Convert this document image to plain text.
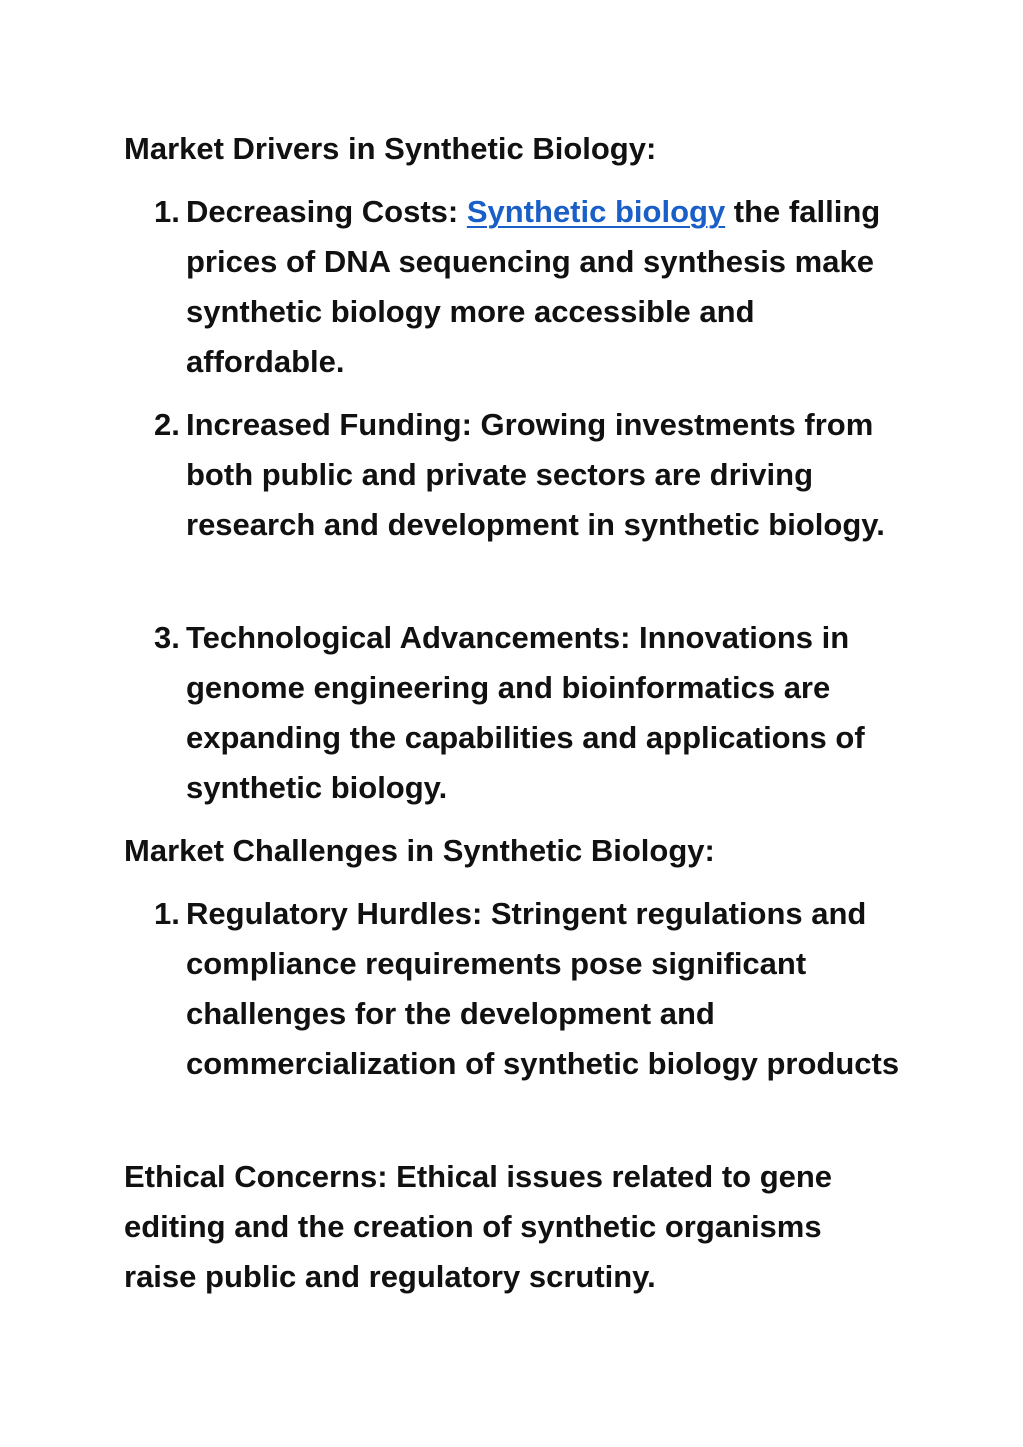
Market Drivers in Synthetic Biology:
1. Decreasing Costs: Synthetic biology the falling prices of DNA sequencing and synthesis make synthetic biology more accessible and affordable.
2. Increased Funding: Growing investments from both public and private sectors are driving research and development in synthetic biology.
3. Technological Advancements: Innovations in genome engineering and bioinformatics are expanding the capabilities and applications of synthetic biology.
Market Challenges in Synthetic Biology:
1. Regulatory Hurdles: Stringent regulations and compliance requirements pose significant challenges for the development and commercialization of synthetic biology products

Ethical Concerns: Ethical issues related to gene editing and the creation of synthetic organisms raise public and regulatory scrutiny.
